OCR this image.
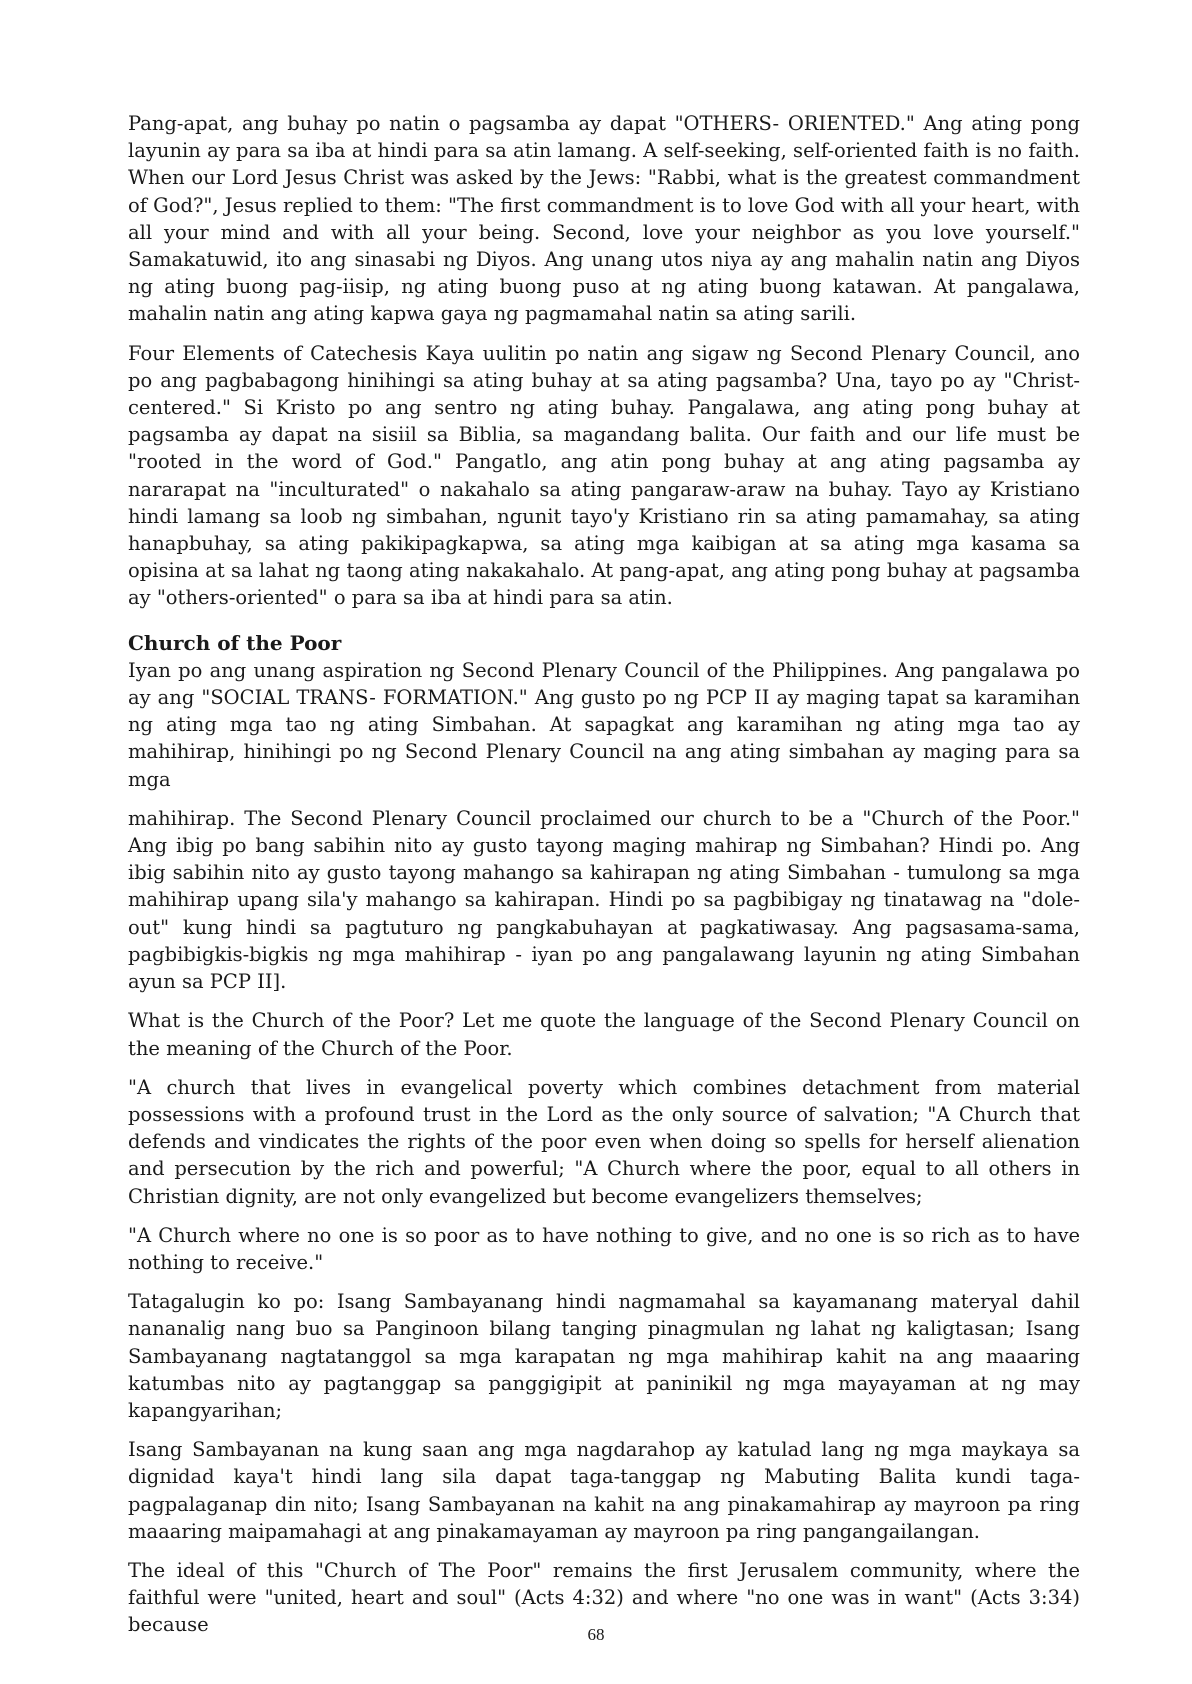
Pang-apat, ang buhay po natin o pagsamba ay dapat "OTHERS- ORIENTED." Ang ating pong layunin ay para sa iba at hindi para sa atin lamang. A self-seeking, self-oriented faith is no faith. When our Lord Jesus Christ was asked by the Jews: "Rabbi, what is the greatest commandment of God?", Jesus replied to them: "The first commandment is to love God with all your heart, with all your mind and with all your being. Second, love your neighbor as you love yourself." Samakatuwid, ito ang sinasabi ng Diyos. Ang unang utos niya ay ang mahalin natin ang Diyos ng ating buong pag-iisip, ng ating buong puso at ng ating buong katawan. At pangalawa, mahalin natin ang ating kapwa gaya ng pagmamahal natin sa ating sarili.

Four Elements of Catechesis Kaya uulitin po natin ang sigaw ng Second Plenary Council, ano po ang pagbabagong hinihingi sa ating buhay at sa ating pagsamba? Una, tayo po ay "Christ-centered." Si Kristo po ang sentro ng ating buhay. Pangalawa, ang ating pong buhay at pagsamba ay dapat na sisiil sa Biblia, sa magandang balita. Our faith and our life must be "rooted in the word of God." Pangatlo, ang atin pong buhay at ang ating pagsamba ay nararapat na "inculturated" o nakahalo sa ating pangaraw-araw na buhay. Tayo ay Kristiano hindi lamang sa loob ng simbahan, ngunit tayo'y Kristiano rin sa ating pamamahay, sa ating hanapbuhay, sa ating pakikipagkapwa, sa ating mga kaibigan at sa ating mga kasama sa opisina at sa lahat ng taong ating nakakahalo. At pang-apat, ang ating pong buhay at pagsamba ay "others-oriented" o para sa iba at hindi para sa atin.

Church of the Poor

Iyan po ang unang aspiration ng Second Plenary Council of the Philippines. Ang pangalawa po ay ang "SOCIAL TRANS- FORMATION." Ang gusto po ng PCP II ay maging tapat sa karamihan ng ating mga tao ng ating Simbahan. At sapagkat ang karamihan ng ating mga tao ay mahihirap, hinihingi po ng Second Plenary Council na ang ating simbahan ay maging para sa mga

mahihirap. The Second Plenary Council proclaimed our church to be a "Church of the Poor." Ang ibig po bang sabihin nito ay gusto tayong maging mahirap ng Simbahan? Hindi po. Ang ibig sabihin nito ay gusto tayong mahango sa kahirapan ng ating Simbahan - tumulong sa mga mahihirap upang sila'y mahango sa kahirapan. Hindi po sa pagbibigay ng tinatawag na "dole-out" kung hindi sa pagtuturo ng pangkabuhayan at pagkatiwasay. Ang pagsasama-sama, pagbibigkis-bigkis ng mga mahihirap - iyan po ang pangalawang layunin ng ating Simbahan ayun sa PCP II].

What is the Church of the Poor? Let me quote the language of the Second Plenary Council on the meaning of the Church of the Poor.

"A church that lives in evangelical poverty which combines detachment from material possessions with a profound trust in the Lord as the only source of salvation; "A Church that defends and vindicates the rights of the poor even when doing so spells for herself alienation and persecution by the rich and powerful; "A Church where the poor, equal to all others in Christian dignity, are not only evangelized but become evangelizers themselves;

"A Church where no one is so poor as to have nothing to give, and no one is so rich as to have nothing to receive."

Tatagalugin ko po: Isang Sambayanang hindi nagmamahal sa kayamanang materyal dahil nananalig nang buo sa Panginoon bilang tanging pinagmulan ng lahat ng kaligtasan; Isang Sambayanang nagtatanggol sa mga karapatan ng mga mahihirap kahit na ang maaaring katumbas nito ay pagtanggap sa panggigipit at paninikil ng mga mayayaman at ng may kapangyarihan;

Isang Sambayanan na kung saan ang mga nagdarahop ay katulad lang ng mga maykaya sa dignidad kaya't hindi lang sila dapat taga-tanggap ng Mabuting Balita kundi taga-pagpalaganap din nito; Isang Sambayanan na kahit na ang pinakamahirap ay mayroon pa ring maaaring maipamahagi at ang pinakamayaman ay mayroon pa ring pangangailangan.

The ideal of this "Church of The Poor" remains the first Jerusalem community, where the faithful were "united, heart and soul" (Acts 4:32) and where "no one was in want" (Acts 3:34) because	68
